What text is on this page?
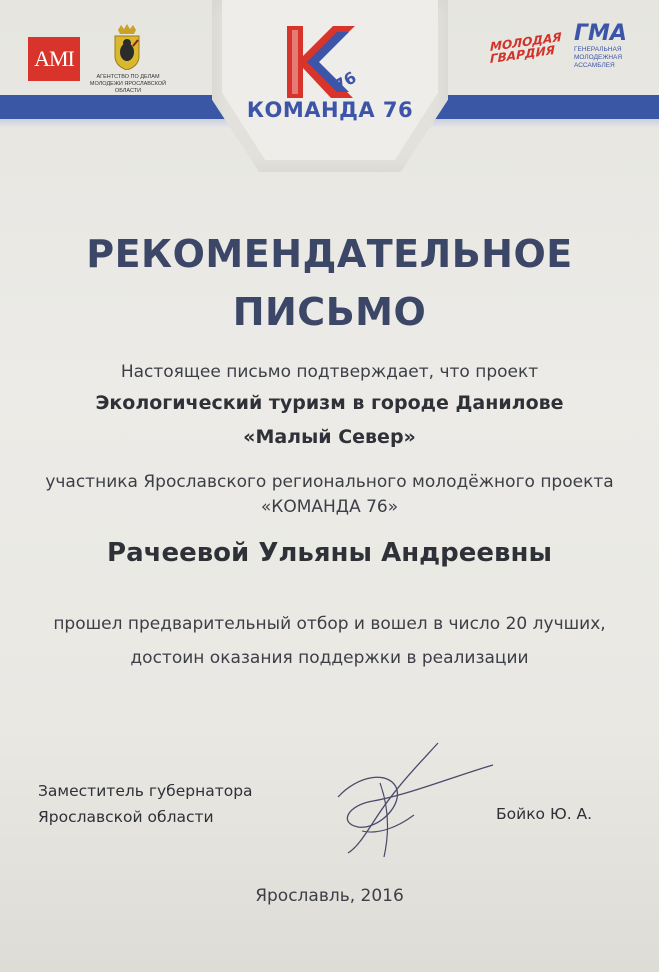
AMI
АГЕНТСТВО ПО ДЕЛАМ МОЛОДЕЖИ ЯРОСЛАВСКОЙ ОБЛАСТИ	76
КОМАНДА 76
МОЛОДАЯ ГВАРДИЯ
ГМА
ГЕНЕРАЛЬНАЯ МОЛОДЕЖНАЯ АССАМБЛЕЯ
РЕКОМЕНДАТЕЛЬНОЕ
ПИСЬМО
Настоящее письмо подтверждает, что проект
Экологический туризм в городе Данилове
«Малый Север»
участника Ярославского регионального молодёжного проекта
«КОМАНДА 76»
Рачеевой Ульяны Андреевны
прошел предварительный отбор и вошел в число 20 лучших,
достоин оказания поддержки в реализации
Заместитель губернатора
Ярославской области	Бойко Ю. А.
Ярославль, 2016
